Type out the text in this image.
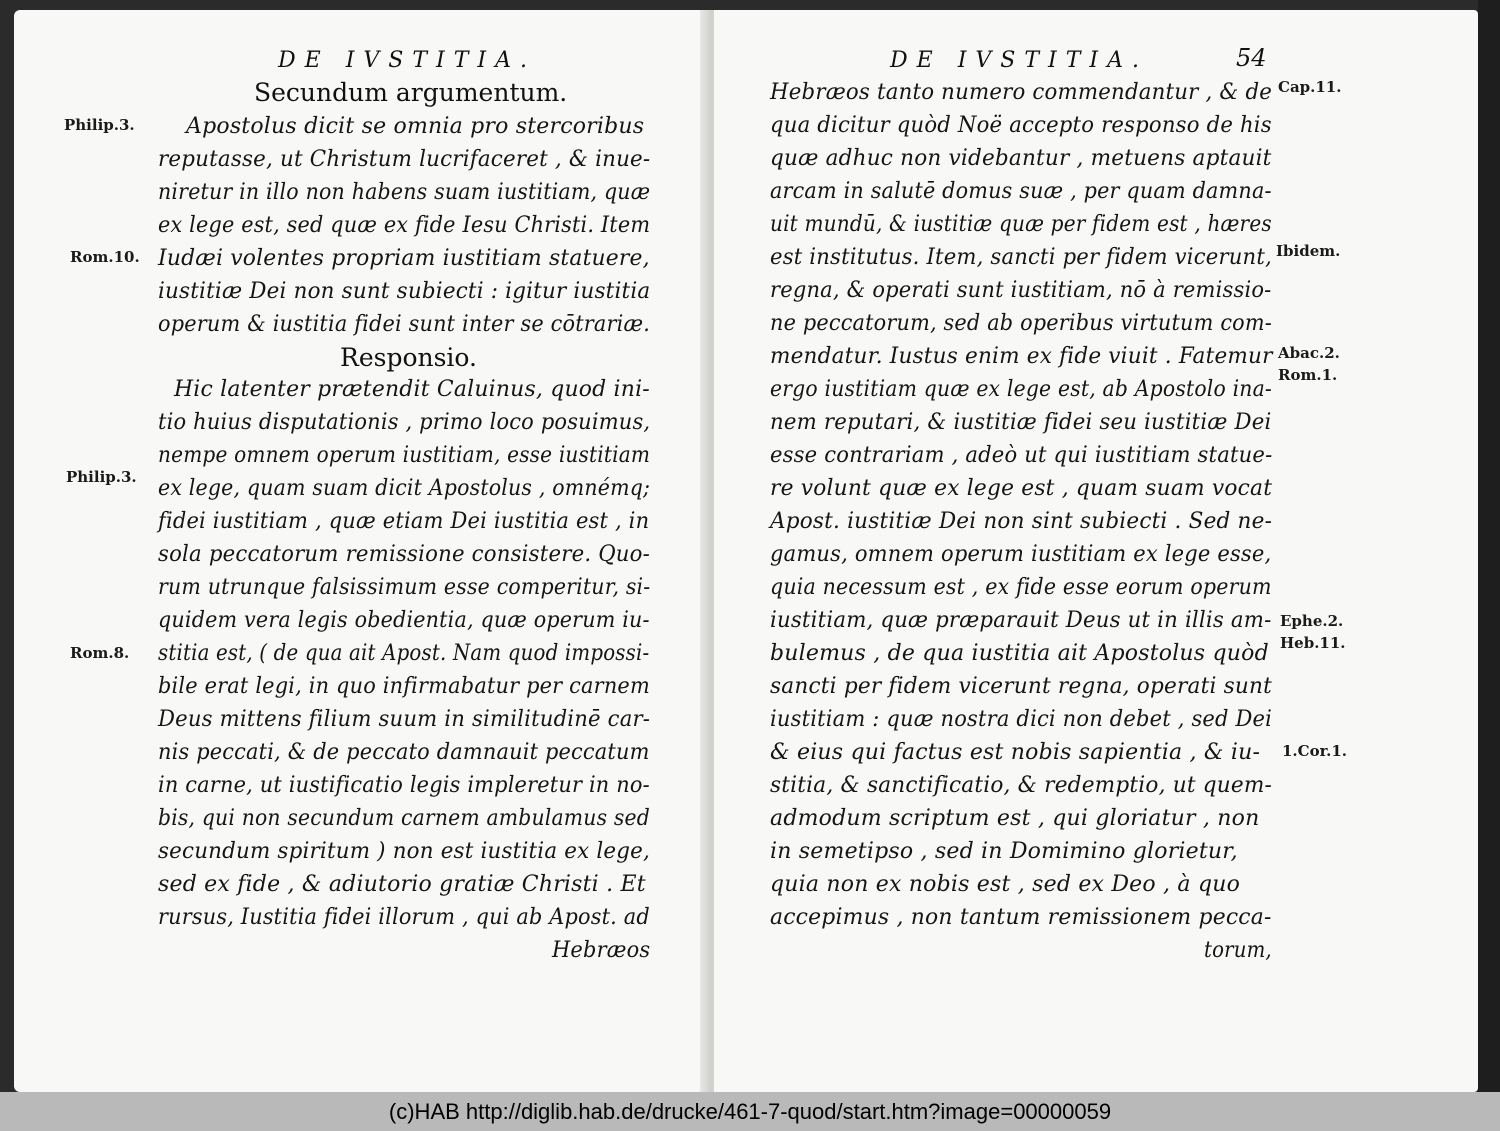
DE IVSTITIA.
Secundum argumentum.
Philip.3.
Rom.10.
Philip.3.
Rom.8.
Apostolus dicit se omnia pro stercoribus
reputasse, ut Christum lucrifaceret , & inue-
niretur in illo non habens suam iustitiam, quæ
ex lege est, sed quæ ex fide Iesu Christi. Item
Iudæi volentes propriam iustitiam statuere,
iustitiæ Dei non sunt subiecti : igitur iustitia
operum & iustitia fidei sunt inter se cōtrariæ.
Responsio.
Hic latenter prætendit Caluinus, quod ini-
tio huius disputationis , primo loco posuimus,
nempe omnem operum iustitiam, esse iustitiam
ex lege, quam suam dicit Apostolus , omnémq;
fidei iustitiam , quæ etiam Dei iustitia est , in
sola peccatorum remissione consistere. Quo-
rum utrunque falsissimum esse comperitur, si-
quidem vera legis obedientia, quæ operum iu-
stitia est, ( de qua ait Apost. Nam quod impossi-
bile erat legi, in quo infirmabatur per carnem
Deus mittens filium suum in similitudinē car-
nis peccati, & de peccato damnauit peccatum
in carne, ut iustificatio legis impleretur in no-
bis, qui non secundum carnem ambulamus sed
secundum spiritum ) non est iustitia ex lege,
sed ex fide , & adiutorio gratiæ Christi . Et
rursus, Iustitia fidei illorum , qui ab Apost. ad
Hebræos
DE IVSTITIA.	54
Cap.11.
Ibidem.
Abac.2.
Rom.1.
Ephe.2.
Heb.11.
1.Cor.1.
Hebræos tanto numero commendantur , & de
qua dicitur quòd Noë accepto responso de his
quæ adhuc non videbantur , metuens aptauit
arcam in salutē domus suæ , per quam damna-
uit mundū, & iustitiæ quæ per fidem est , hæres
est institutus. Item, sancti per fidem vicerunt,
regna, & operati sunt iustitiam, nō à remissio-
ne peccatorum, sed ab operibus virtutum com-
mendatur. Iustus enim ex fide viuit . Fatemur
ergo iustitiam quæ ex lege est, ab Apostolo ina-
nem reputari, & iustitiæ fidei seu iustitiæ Dei
esse contrariam , adeò ut qui iustitiam statue-
re volunt quæ ex lege est , quam suam vocat
Apost. iustitiæ Dei non sint subiecti . Sed ne-
gamus, omnem operum iustitiam ex lege esse,
quia necessum est , ex fide esse eorum operum
iustitiam, quæ præparauit Deus ut in illis am-
bulemus , de qua iustitia ait Apostolus quòd
sancti per fidem vicerunt regna, operati sunt
iustitiam : quæ nostra dici non debet , sed Dei
& eius qui factus est nobis sapientia , & iu-
stitia, & sanctificatio, & redemptio, ut quem-
admodum scriptum est , qui gloriatur , non
in semetipso , sed in Domimino glorietur,
quia non ex nobis est , sed ex Deo , à quo
accepimus , non tantum remissionem pecca-
torum,
(c)HAB http://diglib.hab.de/drucke/461-7-quod/start.htm?image=00000059
